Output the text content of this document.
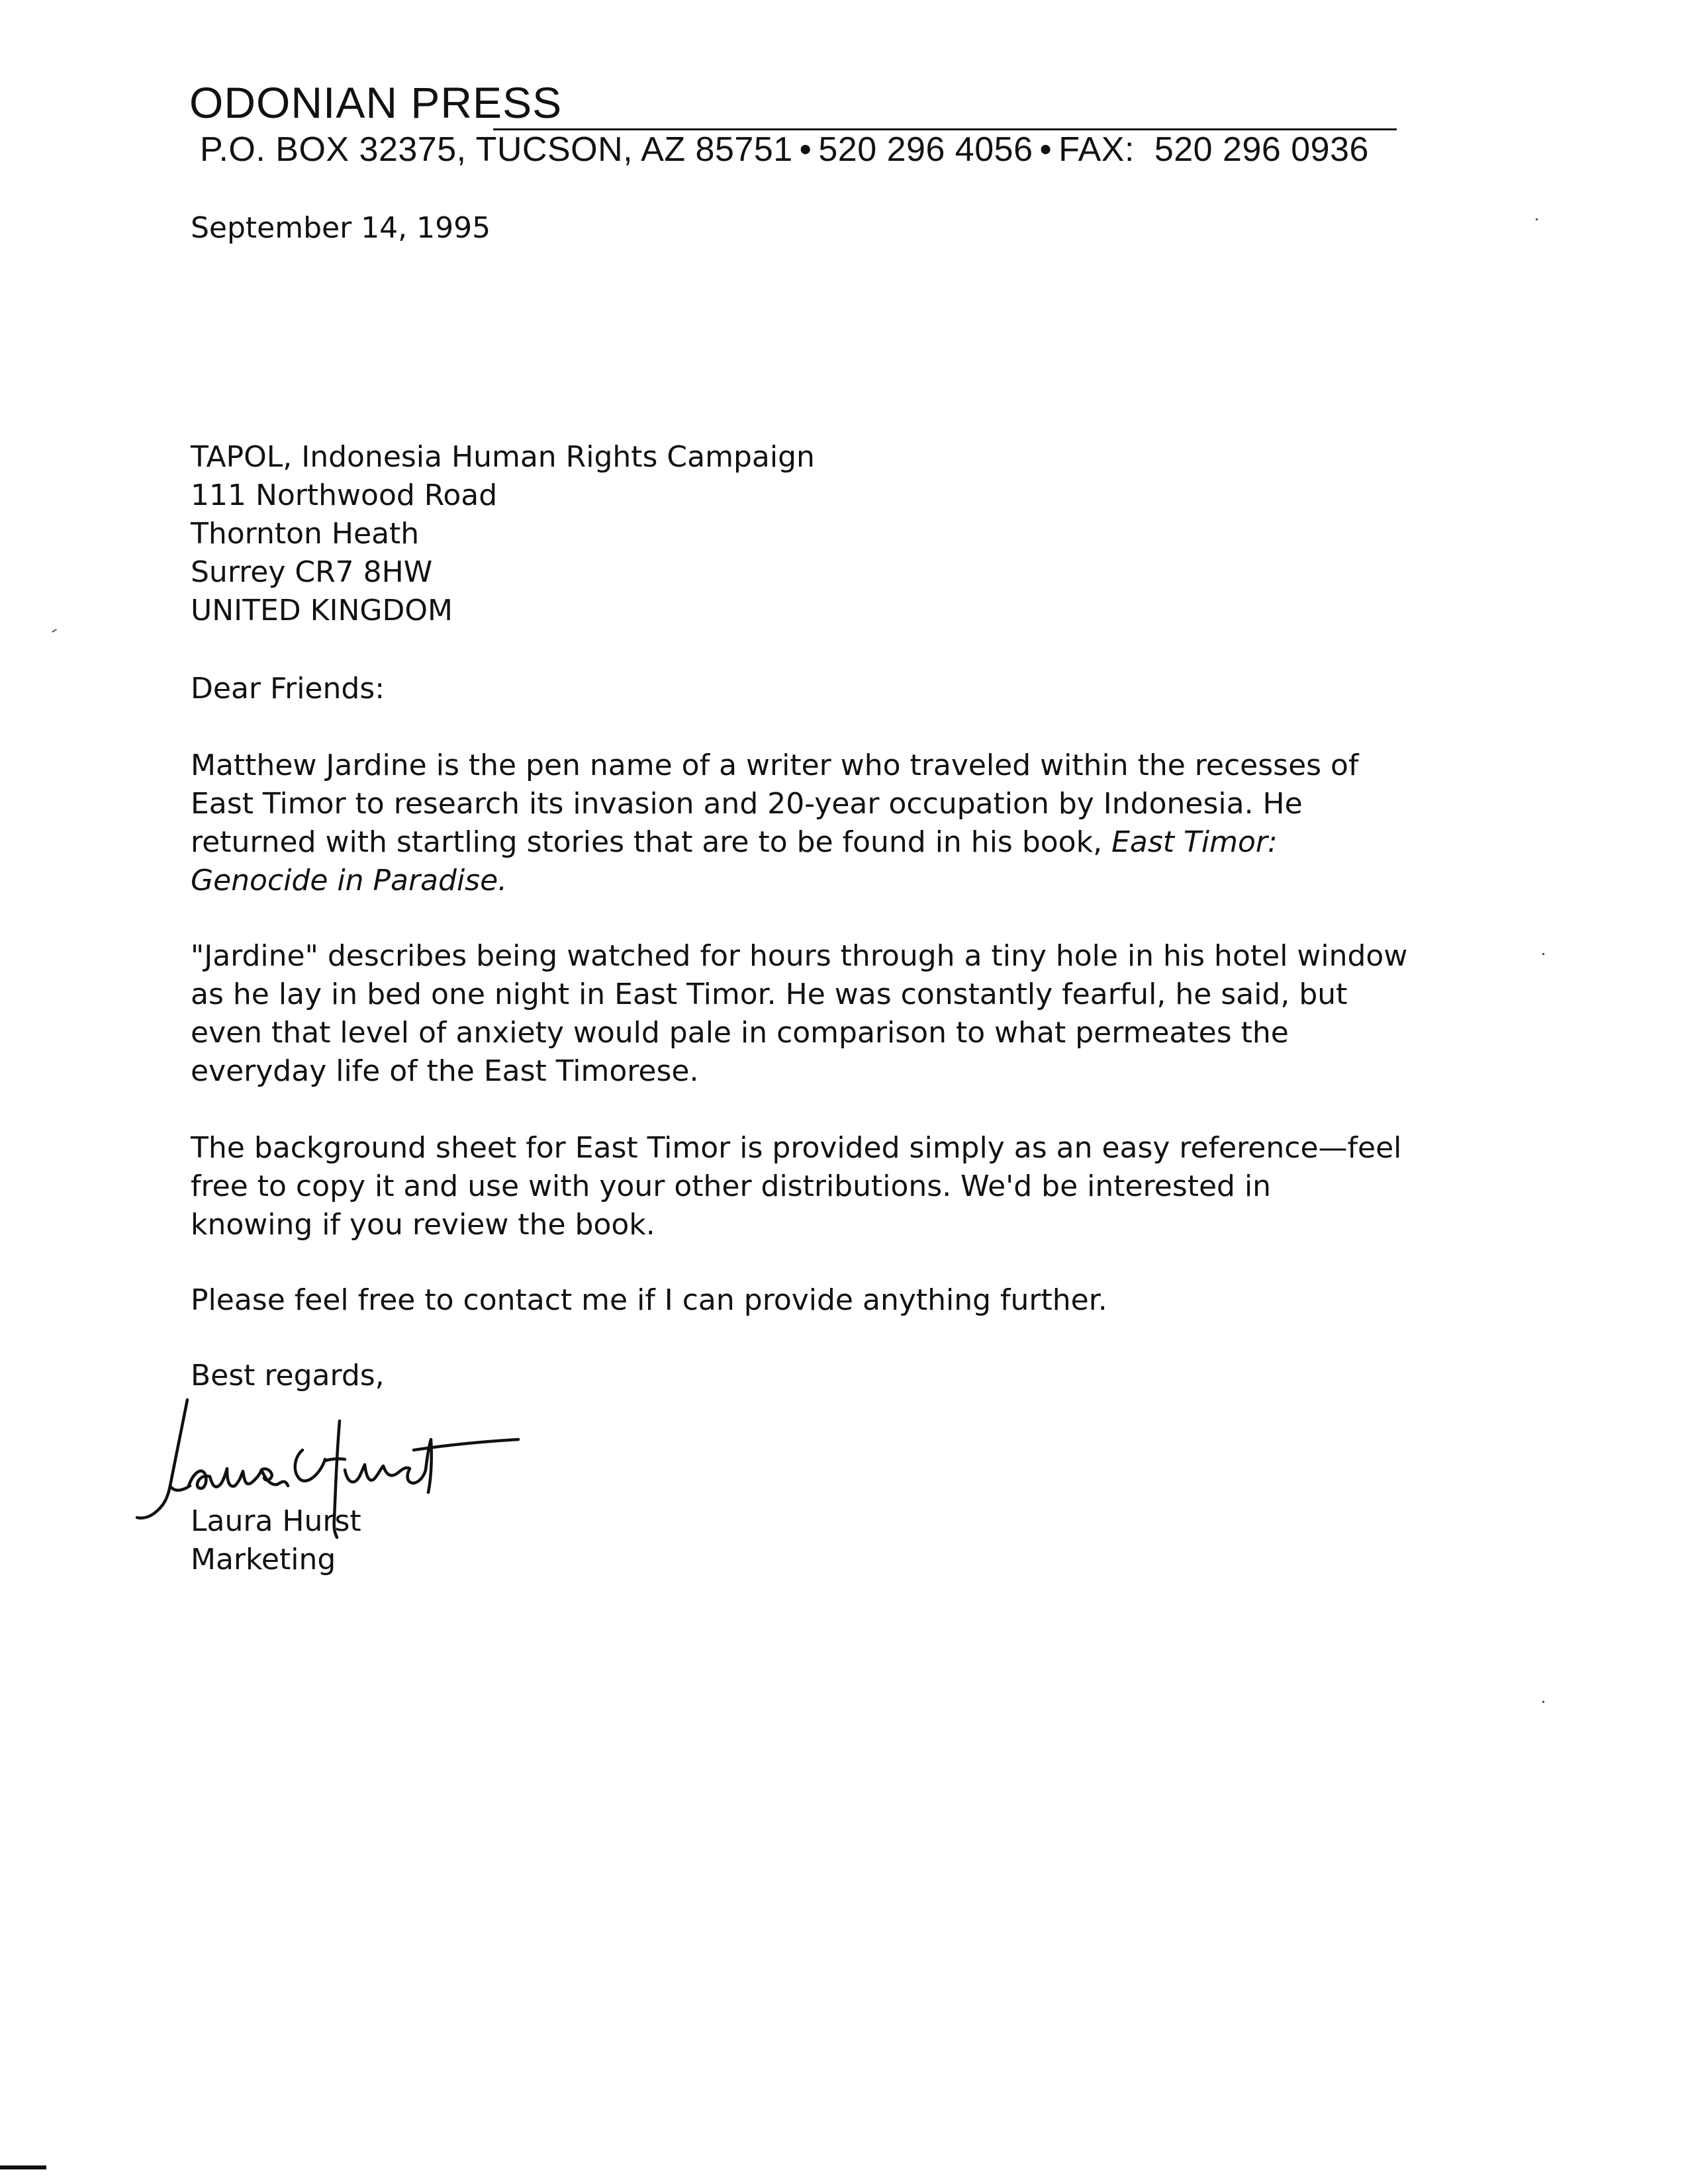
ODONIAN PRESS
P.O. BOX 32375, TUCSON, AZ 85751 • 520 296 4056 • FAX: 520 296 0936
September 14, 1995
TAPOL, Indonesia Human Rights Campaign
111 Northwood Road
Thornton Heath
Surrey CR7 8HW
UNITED KINGDOM
Dear Friends:
Matthew Jardine is the pen name of a writer who traveled within the recesses of
East Timor to research its invasion and 20-year occupation by Indonesia. He
returned with startling stories that are to be found in his book, East Timor:
Genocide in Paradise.
"Jardine" describes being watched for hours through a tiny hole in his hotel window
as he lay in bed one night in East Timor. He was constantly fearful, he said, but
even that level of anxiety would pale in comparison to what permeates the
everyday life of the East Timorese.
The background sheet for East Timor is provided simply as an easy reference—feel
free to copy it and use with your other distributions. We'd be interested in
knowing if you review the book.
Please feel free to contact me if I can provide anything further.
Best regards,
Laura Hurst
Marketing
